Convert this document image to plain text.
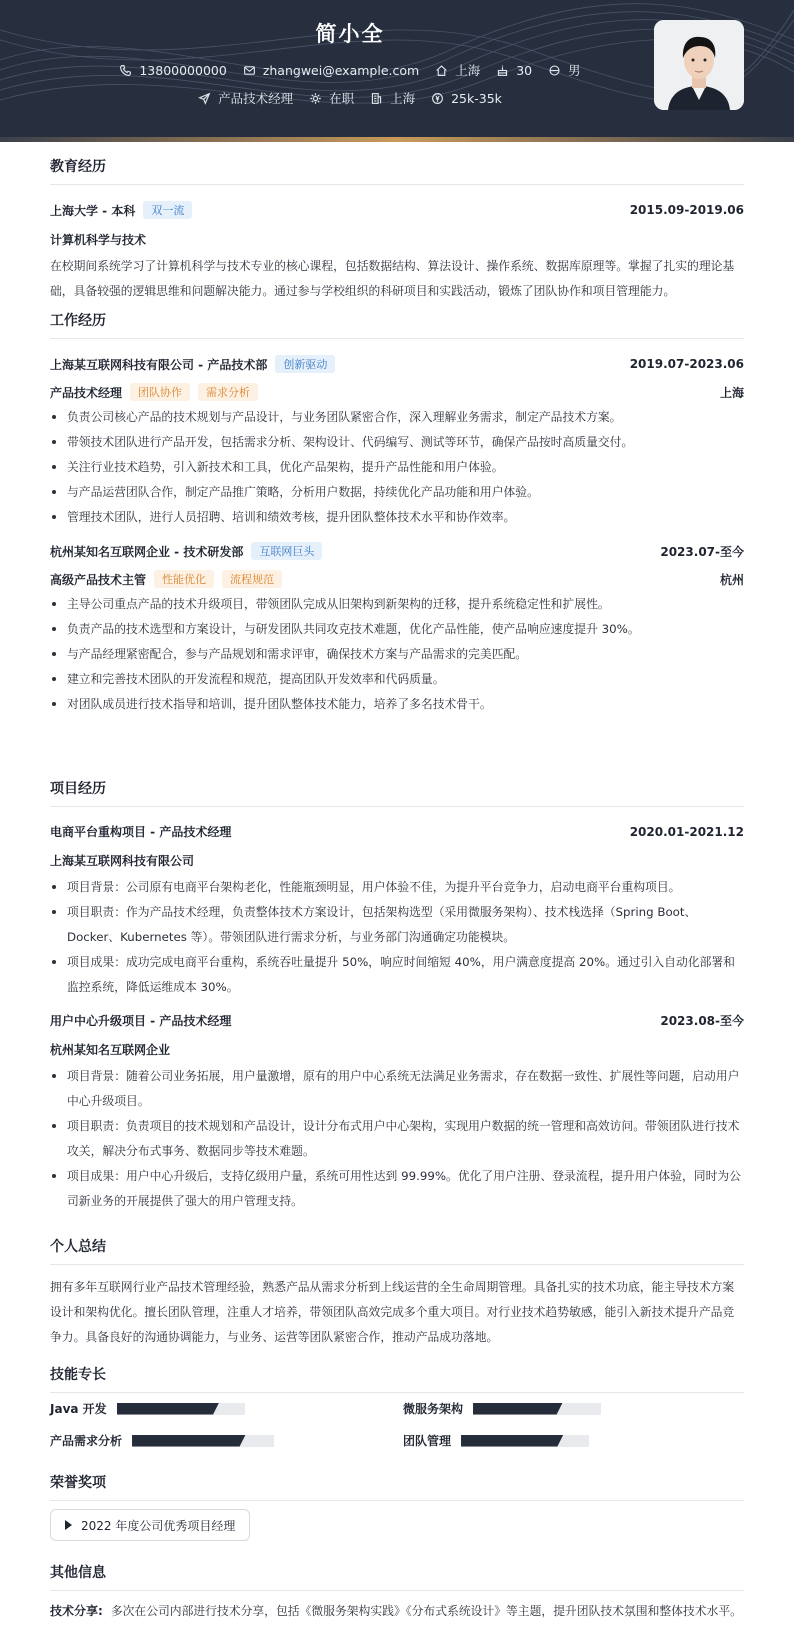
简小全
13800000000	zhangwei@example.com	上海	30	男
产品技术经理	在职	上海	25k-35k
教育经历
上海大学 - 本科	双一流	2015.09-2019.06
计算机科学与技术
在校期间系统学习了计算机科学与技术专业的核心课程，包括数据结构、算法设计、操作系统、数据库原理等。掌握了扎实的理论基础，具备较强的逻辑思维和问题解决能力。通过参与学校组织的科研项目和实践活动，锻炼了团队协作和项目管理能力。
工作经历
上海某互联网科技有限公司 - 产品技术部	创新驱动	2019.07-2023.06
产品技术经理	团队协作	需求分析	上海
负责公司核心产品的技术规划与产品设计，与业务团队紧密合作，深入理解业务需求，制定产品技术方案。
带领技术团队进行产品开发，包括需求分析、架构设计、代码编写、测试等环节，确保产品按时高质量交付。
关注行业技术趋势，引入新技术和工具，优化产品架构，提升产品性能和用户体验。
与产品运营团队合作，制定产品推广策略，分析用户数据，持续优化产品功能和用户体验。
管理技术团队，进行人员招聘、培训和绩效考核，提升团队整体技术水平和协作效率。
杭州某知名互联网企业 - 技术研发部	互联网巨头	2023.07-至今
高级产品技术主管	性能优化	流程规范	杭州
主导公司重点产品的技术升级项目，带领团队完成从旧架构到新架构的迁移，提升系统稳定性和扩展性。
负责产品的技术选型和方案设计，与研发团队共同攻克技术难题，优化产品性能，使产品响应速度提升 30%。
与产品经理紧密配合，参与产品规划和需求评审，确保技术方案与产品需求的完美匹配。
建立和完善技术团队的开发流程和规范，提高团队开发效率和代码质量。
对团队成员进行技术指导和培训，提升团队整体技术能力，培养了多名技术骨干。
项目经历
电商平台重构项目 - 产品技术经理	2020.01-2021.12
上海某互联网科技有限公司
项目背景：公司原有电商平台架构老化，性能瓶颈明显，用户体验不佳，为提升平台竞争力，启动电商平台重构项目。
项目职责：作为产品技术经理，负责整体技术方案设计，包括架构选型（采用微服务架构）、技术栈选择（Spring Boot、Docker、Kubernetes 等）。带领团队进行需求分析，与业务部门沟通确定功能模块。
项目成果：成功完成电商平台重构，系统吞吐量提升 50%，响应时间缩短 40%，用户满意度提高 20%。通过引入自动化部署和监控系统，降低运维成本 30%。
用户中心升级项目 - 产品技术经理	2023.08-至今
杭州某知名互联网企业
项目背景：随着公司业务拓展，用户量激增，原有的用户中心系统无法满足业务需求，存在数据一致性、扩展性等问题，启动用户中心升级项目。
项目职责：负责项目的技术规划和产品设计，设计分布式用户中心架构，实现用户数据的统一管理和高效访问。带领团队进行技术攻关，解决分布式事务、数据同步等技术难题。
项目成果：用户中心升级后，支持亿级用户量，系统可用性达到 99.99%。优化了用户注册、登录流程，提升用户体验，同时为公司新业务的开展提供了强大的用户管理支持。
个人总结
拥有多年互联网行业产品技术管理经验，熟悉产品从需求分析到上线运营的全生命周期管理。具备扎实的技术功底，能主导技术方案设计和架构优化。擅长团队管理，注重人才培养，带领团队高效完成多个重大项目。对行业技术趋势敏感，能引入新技术提升产品竞争力。具备良好的沟通协调能力，与业务、运营等团队紧密合作，推动产品成功落地。
技能专长
Java 开发	微服务架构
产品需求分析	团队管理
荣誉奖项
2022 年度公司优秀项目经理
其他信息
技术分享: 多次在公司内部进行技术分享，包括《微服务架构实践》《分布式系统设计》等主题，提升团队技术氛围和整体技术水平。
